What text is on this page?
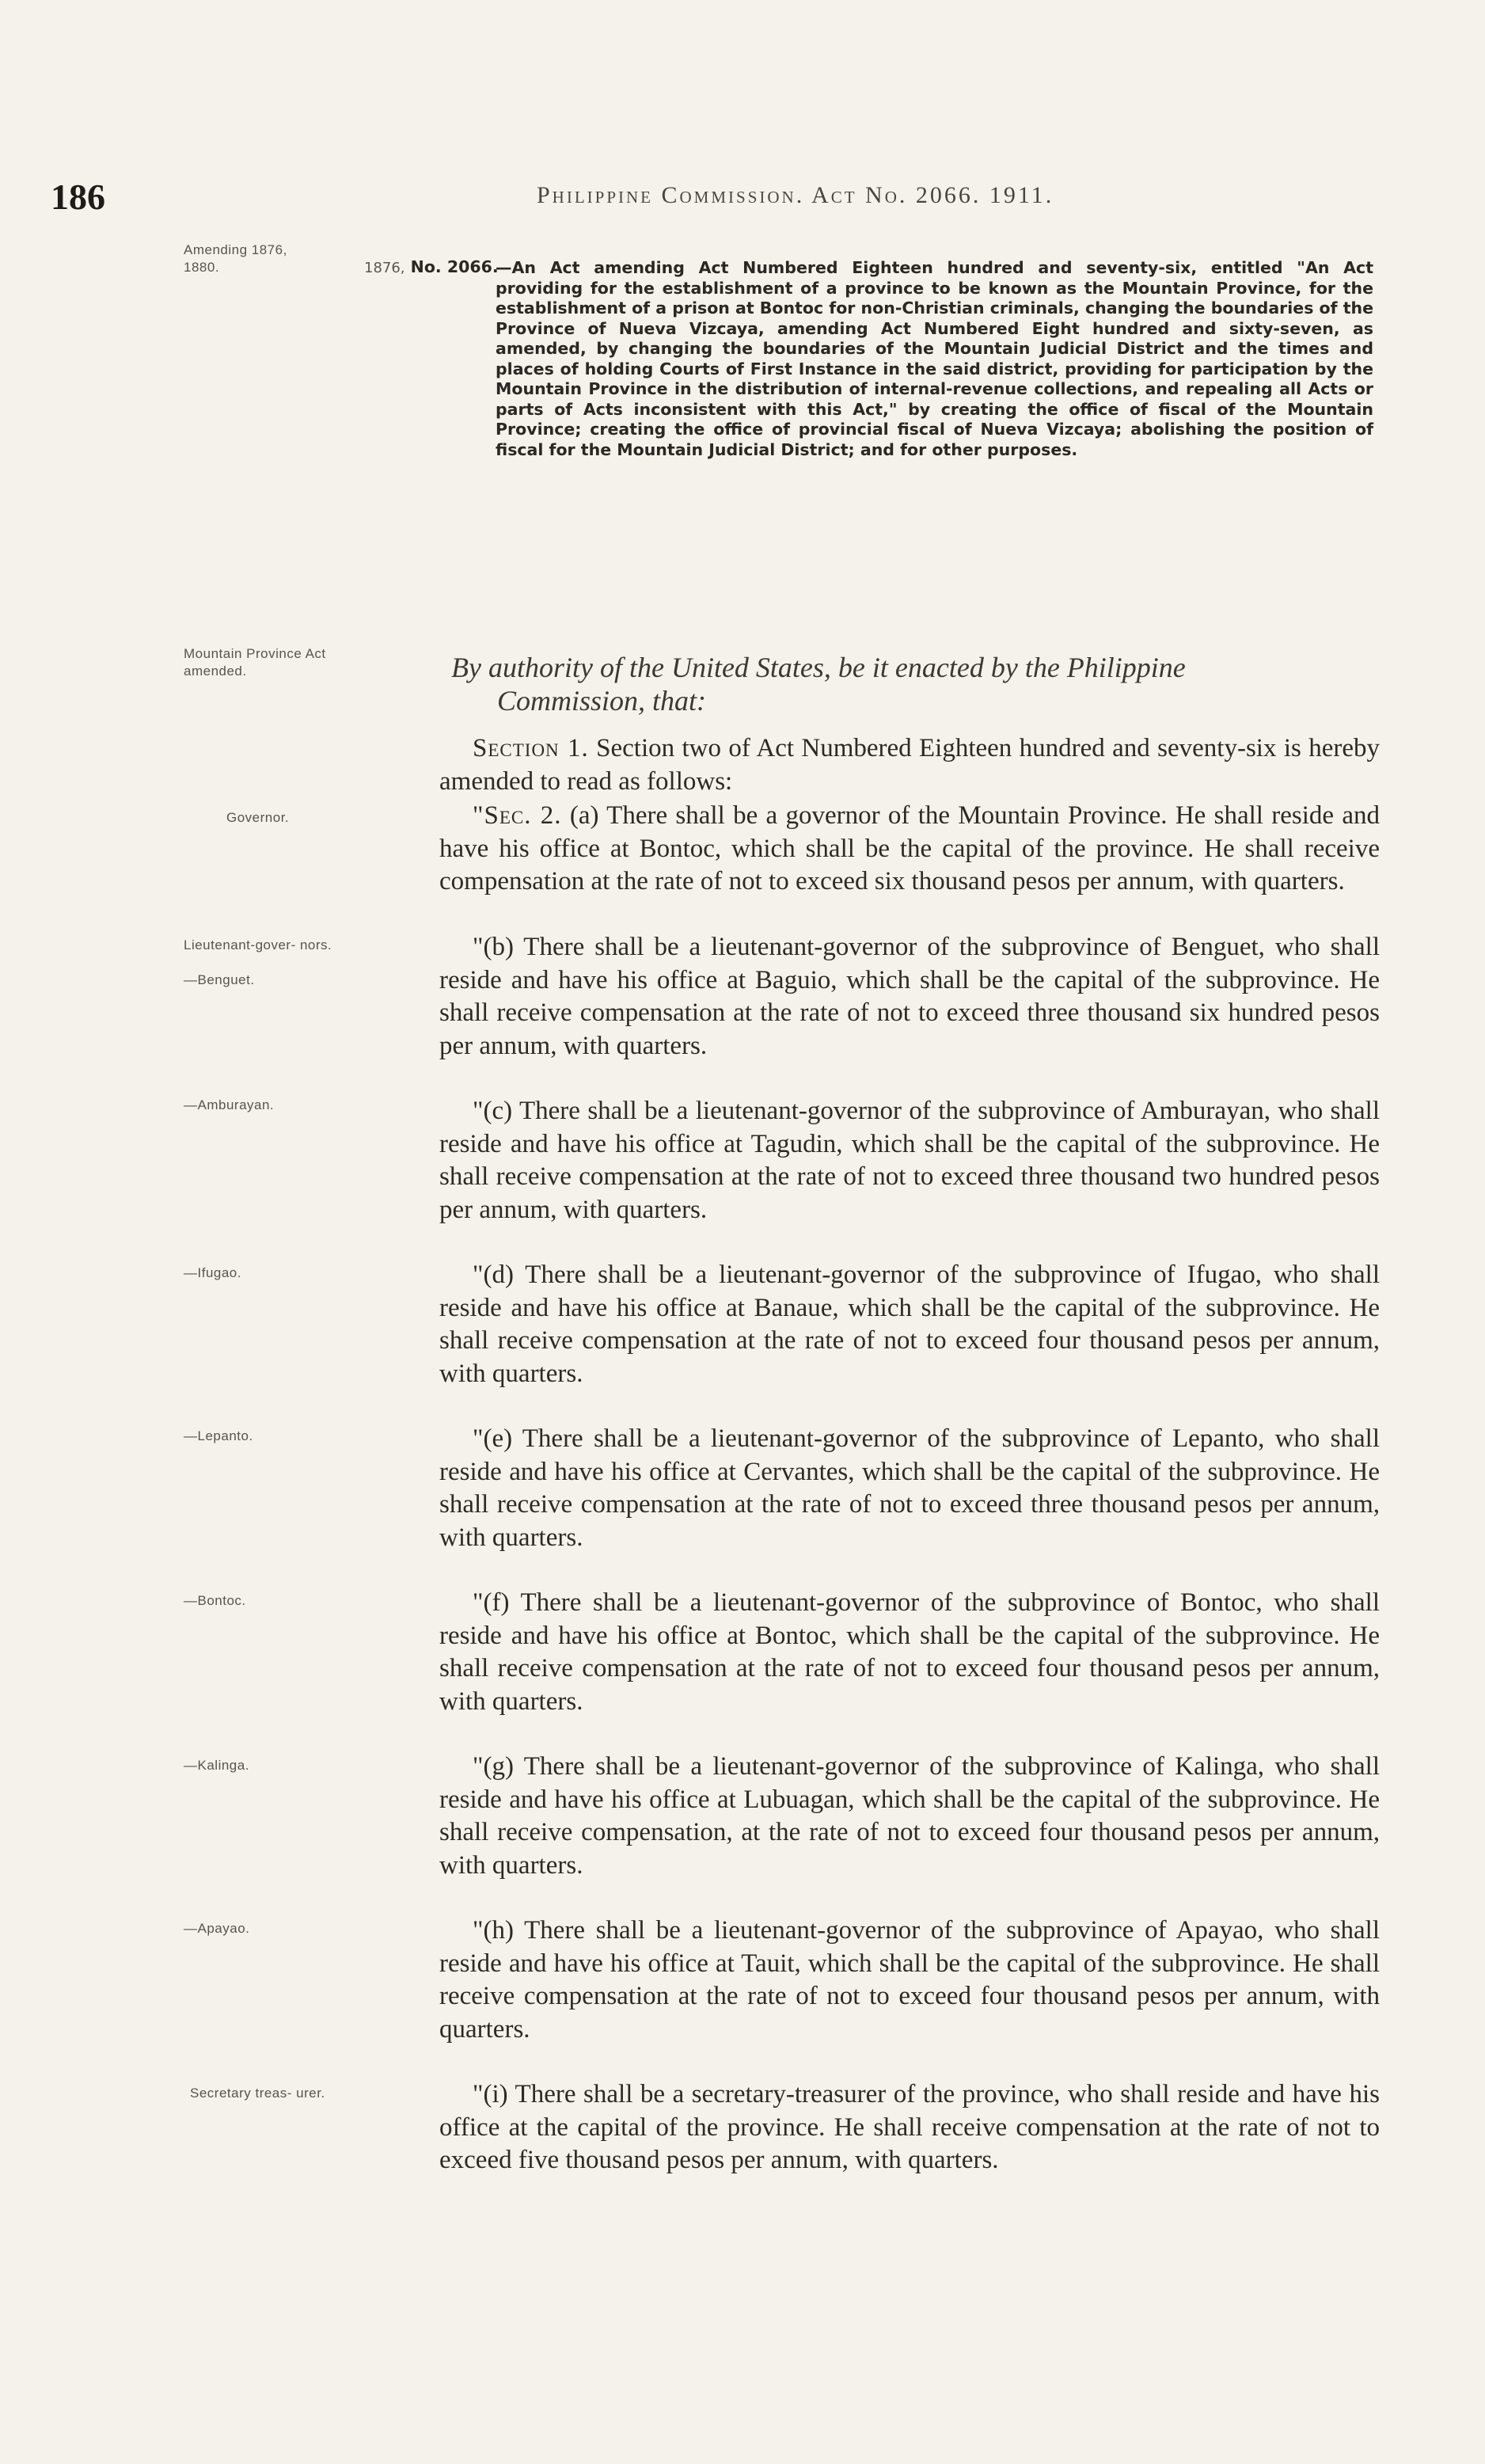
186	Philippine Commission. Act No. 2066. 1911.
Amending 1876, 1880.	1876, No. 2066.
—An Act amending Act Numbered Eighteen hundred and seventy-six, entitled "An Act providing for the establishment of a province to be known as the Mountain Province, for the establishment of a prison at Bontoc for non-Christian criminals, changing the boundaries of the Province of Nueva Vizcaya, amending Act Numbered Eight hundred and sixty-seven, as amended, by changing the boundaries of the Mountain Judicial District and the times and places of holding Courts of First Instance in the said district, providing for participation by the Mountain Province in the distribution of internal-revenue collections, and repealing all Acts or parts of Acts inconsistent with this Act," by creating the office of fiscal of the Mountain Province; creating the office of provincial fiscal of Nueva Vizcaya; abolishing the position of fiscal for the Mountain Judicial District; and for other purposes.
Mountain Province Act amended.	By authority of the United States, be it enacted by the Philippine
Commission, that:
Section 1. Section two of Act Numbered Eighteen hundred and seventy-six is hereby amended to read as follows:
Governor.	"Sec. 2. (a) There shall be a governor of the Mountain Province. He shall reside and have his office at Bontoc, which shall be the capital of the province. He shall receive compensation at the rate of not to exceed six thousand pesos per annum, with quarters.
Lieutenant-gover- nors.
—Benguet.
"(b) There shall be a lieutenant-governor of the subprovince of Benguet, who shall reside and have his office at Baguio, which shall be the capital of the subprovince. He shall receive compensation at the rate of not to exceed three thousand six hundred pesos per annum, with quarters.
—Amburayan.	"(c) There shall be a lieutenant-governor of the subprovince of Amburayan, who shall reside and have his office at Tagudin, which shall be the capital of the subprovince. He shall receive compensation at the rate of not to exceed three thousand two hundred pesos per annum, with quarters.
—Ifugao.	"(d) There shall be a lieutenant-governor of the subprovince of Ifugao, who shall reside and have his office at Banaue, which shall be the capital of the subprovince. He shall receive compensation at the rate of not to exceed four thousand pesos per annum, with quarters.
—Lepanto.	"(e) There shall be a lieutenant-governor of the subprovince of Lepanto, who shall reside and have his office at Cervantes, which shall be the capital of the subprovince. He shall receive compensation at the rate of not to exceed three thousand pesos per annum, with quarters.
—Bontoc.	"(f) There shall be a lieutenant-governor of the subprovince of Bontoc, who shall reside and have his office at Bontoc, which shall be the capital of the subprovince. He shall receive compensation at the rate of not to exceed four thousand pesos per annum, with quarters.
—Kalinga.	"(g) There shall be a lieutenant-governor of the subprovince of Kalinga, who shall reside and have his office at Lubuagan, which shall be the capital of the subprovince. He shall receive compensation, at the rate of not to exceed four thousand pesos per annum, with quarters.
—Apayao.	"(h) There shall be a lieutenant-governor of the subprovince of Apayao, who shall reside and have his office at Tauit, which shall be the capital of the subprovince. He shall receive compensation at the rate of not to exceed four thousand pesos per annum, with quarters.
Secretary treas- urer.	"(i) There shall be a secretary-treasurer of the province, who shall reside and have his office at the capital of the province. He shall receive compensation at the rate of not to exceed five thousand pesos per annum, with quarters.
